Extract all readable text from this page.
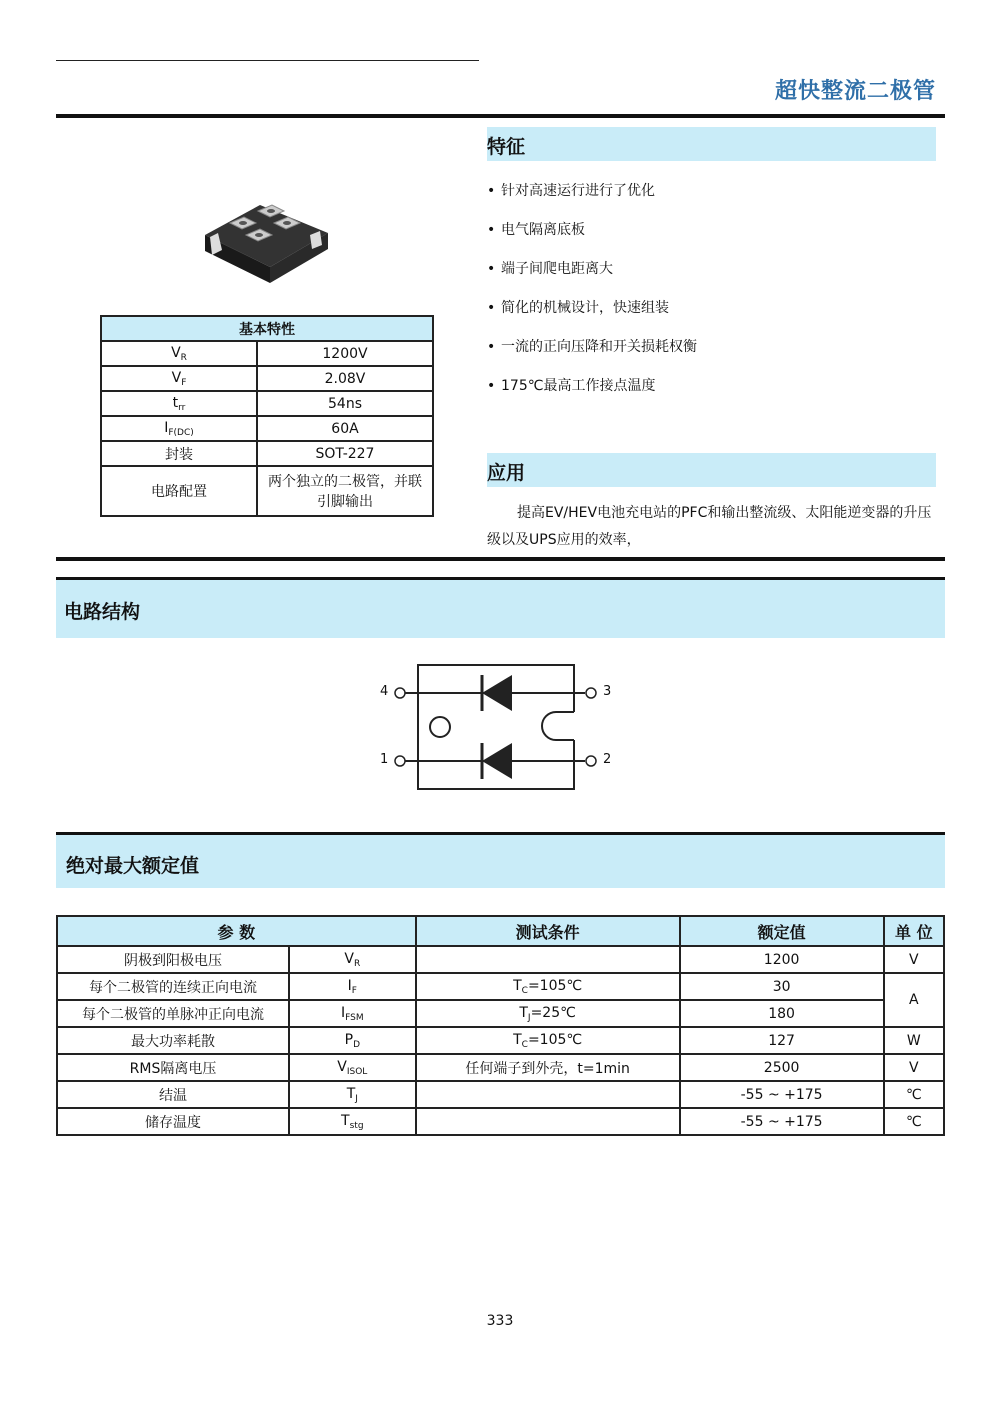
超快整流二极管
基本特性	
$V_R$	1200V
$V_F$	2.08V
$t_{rr}$	54ns
$I_{F(DC)}$	60A
封装	SOT-227
电路配置	两个独立的二极管，并联引脚输出
特征
• 针对高速运行进行了优化
• 电气隔离底板
• 端子间爬电距离大
• 简化的机械设计，快速组装
• 一流的正向压降和开关损耗权衡
• 175℃最高工作接点温度
应用
提高EV/HEV电池充电站的PFC和输出整流级、太阳能逆变器的升压级以及UPS应用的效率，
电路结构
4	3
1	2
绝对最大额定值
参 数		测试条件	额定值	单 位
阴极到阳极电压	$V_R$		1200	V
每个二极管的连续正向电流	$I_F$	$T_C=105℃$	30	A
每个二极管的单脉冲正向电流	$I_{FSM}$	$T_J=25℃$	180	
最大功率耗散	$P_D$	$T_C=105℃$	127	W
RMS隔离电压	$V_{ISOL}$	任何端子到外壳，t=1min	2500	V
结温	$T_J$		-55 ~ +175	℃
储存温度	$T_{stg}$		-55 ~ +175	℃
333
